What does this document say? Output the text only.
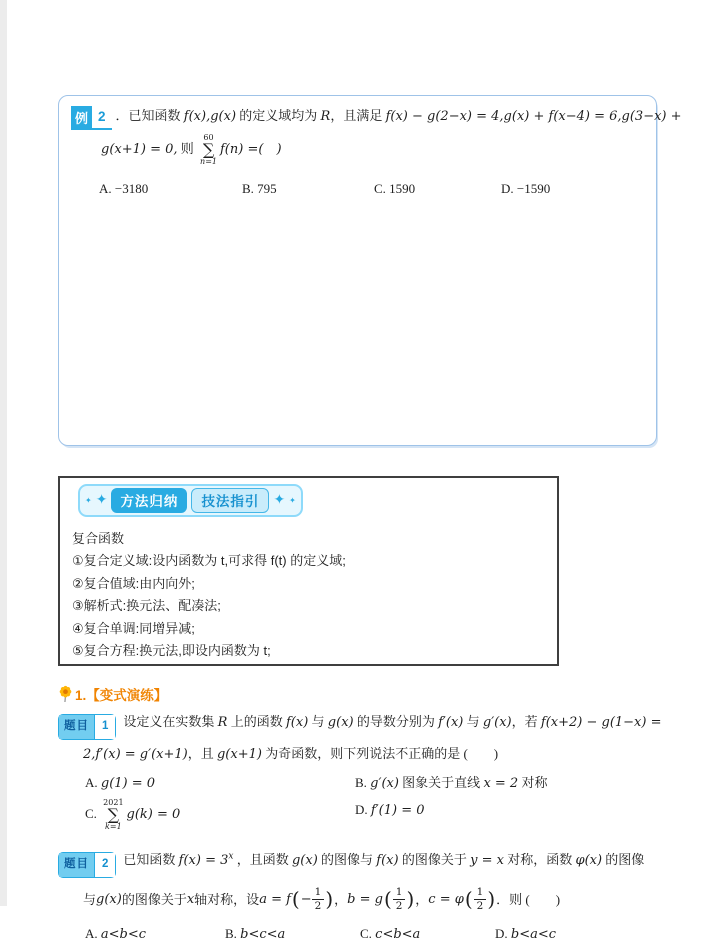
例 2 ．已知函数 f(x),g(x) 的定义域均为 R，且满足 f(x) − g(2−x) = 4,g(x) + f(x−4) = 6,g(3−x) +
g(x+1) = 0, 则
60
∑
n=1
f(n) =(　 )
A. −3180	B. 795	C. 1590	D. −1590
✦ ✦ 方法归纳	技法指引	✦ ✦
复合函数
①复合定义域:设内函数为 t,可求得 f(t) 的定义域;
②复合值域:由内向外;
③解析式:换元法、配凑法;
④复合单调:同增异减;
⑤复合方程:换元法,即设内函数为 t;
1.【变式演练】
题目	1	设定义在实数集 R 上的函数 f(x) 与 g(x) 的导数分别为 f′(x) 与 g′(x)，若 f(x+2) − g(1−x) =
2,f′(x) = g′(x+1)，且 g(x+1) 为奇函数，则下列说法不正确的是 (　　)
A. g(1) = 0	B. g′(x) 图象关于直线 x = 2 对称
C.
2021
∑
k=1
g(k) = 0	D. f′(1) = 0
题目	2	已知函数 $f(x) = 3^x$ ，且函数 g(x) 的图像与 f(x) 的图像关于 y = x 对称，函数 φ(x) 的图像
与 g(x) 的图像关于 x 轴对称，设 a = f ( − $\frac{1}{2}$ ) ， b = g ( $\frac{1}{2}$ ) ， c = φ ( $\frac{1}{2}$ ) ．则 (　　)
A. a<b<c	B. b<c<a	C. c<b<a	D. b<a<c
